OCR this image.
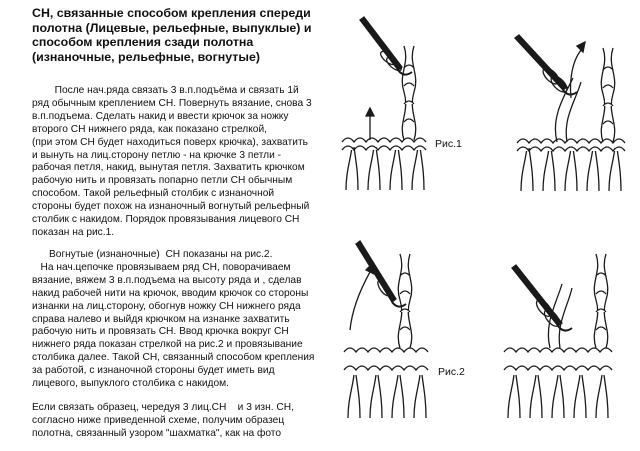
СН, связанные способом крепления спереди
полотна (Лицевые, рельефные, выпуклые) и
способом крепления сзади полотна
(изнаночные, рельефные, вогнутые)

После нач.ряда связать 3 в.п.подъёма и связать 1й
ряд обычным креплением СН. Повернуть вязание, снова 3
в.п.подъема. Сделать накид и ввести крючок за ножку
второго СН нижнего ряда, как показано стрелкой,
(при этом СН будет находиться поверх крючка), захватить
и вынуть на лиц.сторону петлю - на крючке 3 петли -
рабочая петля, накид, вынутая петля. Захватить крючком
рабочую нить и провязать попарно петли СН обычным
способом. Такой рельефный столбик с изнаночной
стороны будет похож на изнаночный вогнутый рельефный
столбик с накидом. Порядок провязывания лицевого СН
показан на рис.1.

Вогнутые (изнаночные)  СН показаны на рис.2.
На нач.цепочке провязываем ряд СН, поворачиваем
вязание, вяжем 3 в.п.подъема на высоту ряда и , сделав
накид рабочей нити на крючок, вводим крючок со стороны
изнанки на лиц.сторону, обогнув ножку СН нижнего ряда
справа налево и выйдя крючком на изнанке захватить
рабочую нить и провязать СН. Ввод крючка вокруг СН
нижнего ряда показан стрелкой на рис.2 и провязывание
столбика далее. Такой СН, связанный способом крепления
за работой, с изнаночной стороны будет иметь вид
лицевого, выпуклого столбика с накидом.

Если связать образец, чередуя 3 лиц.СН    и 3 изн. СН,
согласно ниже приведенной схеме, получим образец
полотна, связанный узором "шахматка", как на фото

Рис.1
Рис.2
